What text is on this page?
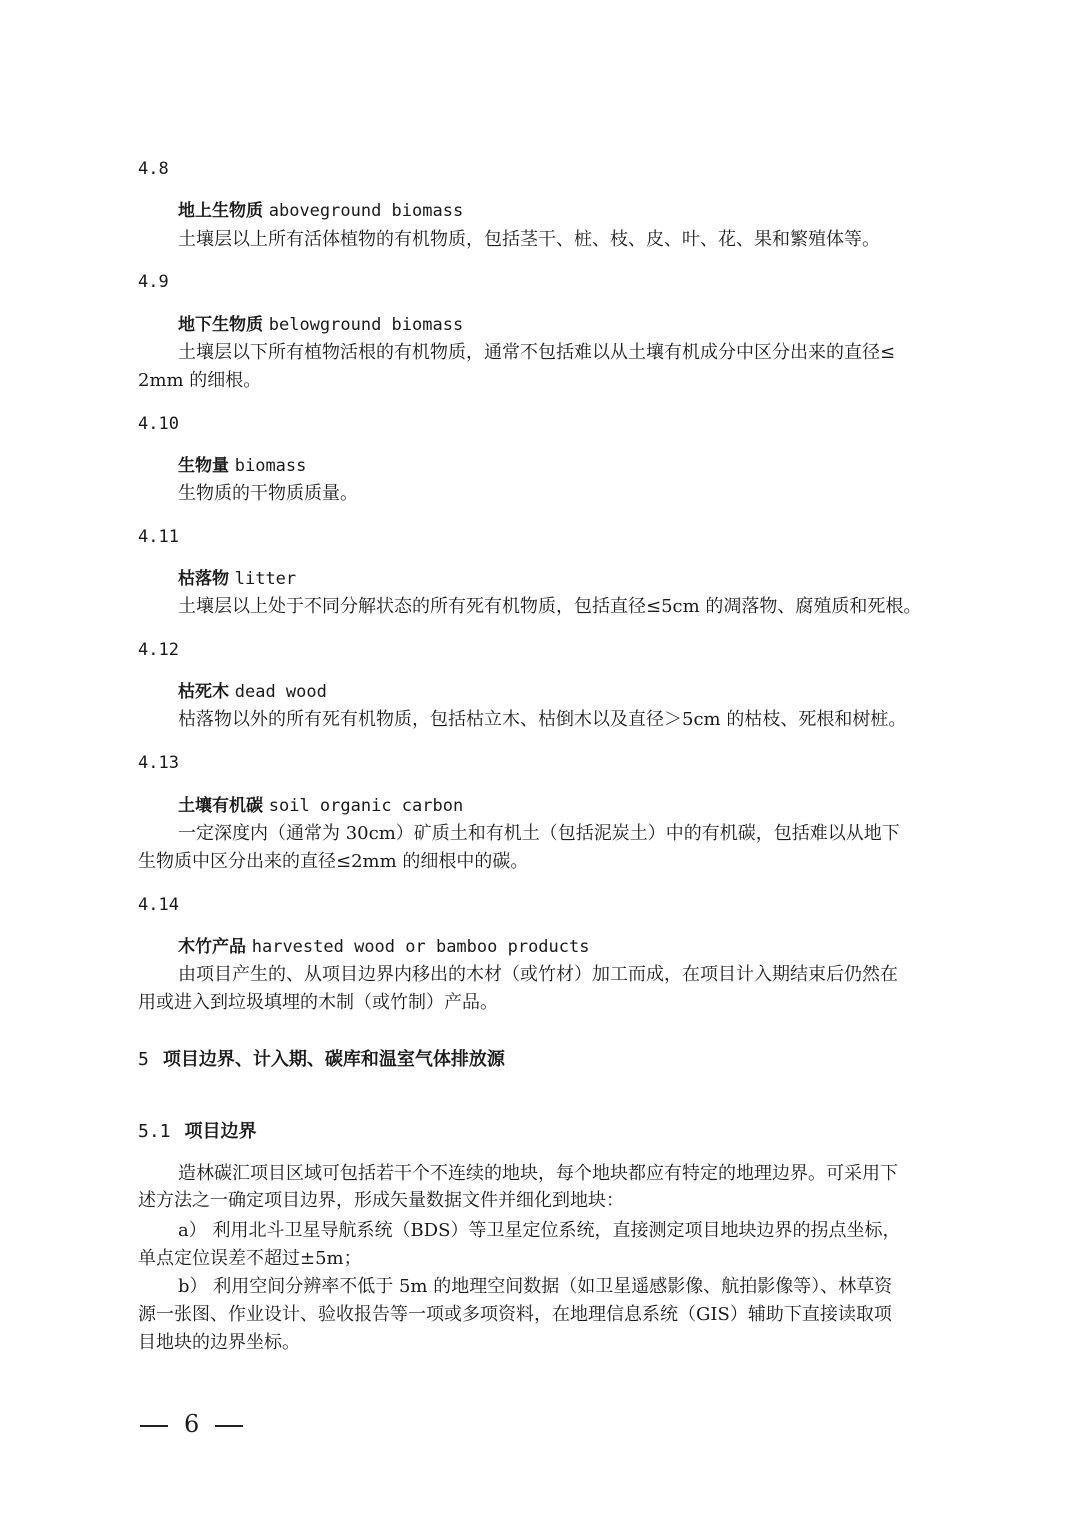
4.8
地上生物质 aboveground biomass
土壤层以上所有活体植物的有机物质，包括茎干、桩、枝、皮、叶、花、果和繁殖体等。
4.9
地下生物质 belowground biomass
土壤层以下所有植物活根的有机物质，通常不包括难以从土壤有机成分中区分出来的直径≤
2mm 的细根。
4.10
生物量 biomass
生物质的干物质质量。
4.11
枯落物 litter
土壤层以上处于不同分解状态的所有死有机物质，包括直径≤5cm 的凋落物、腐殖质和死根。
4.12
枯死木 dead wood
枯落物以外的所有死有机物质，包括枯立木、枯倒木以及直径＞5cm 的枯枝、死根和树桩。
4.13
土壤有机碳 soil organic carbon
一定深度内（通常为 30cm）矿质土和有机土（包括泥炭土）中的有机碳，包括难以从地下
生物质中区分出来的直径≤2mm 的细根中的碳。
4.14
木竹产品 harvested wood or bamboo products
由项目产生的、从项目边界内移出的木材（或竹材）加工而成，在项目计入期结束后仍然在
用或进入到垃圾填埋的木制（或竹制）产品。
5 项目边界、计入期、碳库和温室气体排放源
5.1 项目边界
造林碳汇项目区域可包括若干个不连续的地块，每个地块都应有特定的地理边界。可采用下
述方法之一确定项目边界，形成矢量数据文件并细化到地块：
a） 利用北斗卫星导航系统（BDS）等卫星定位系统，直接测定项目地块边界的拐点坐标，
单点定位误差不超过±5m；
b） 利用空间分辨率不低于 5m 的地理空间数据（如卫星遥感影像、航拍影像等）、林草资
源一张图、作业设计、验收报告等一项或多项资料，在地理信息系统（GIS）辅助下直接读取项
目地块的边界坐标。
6
